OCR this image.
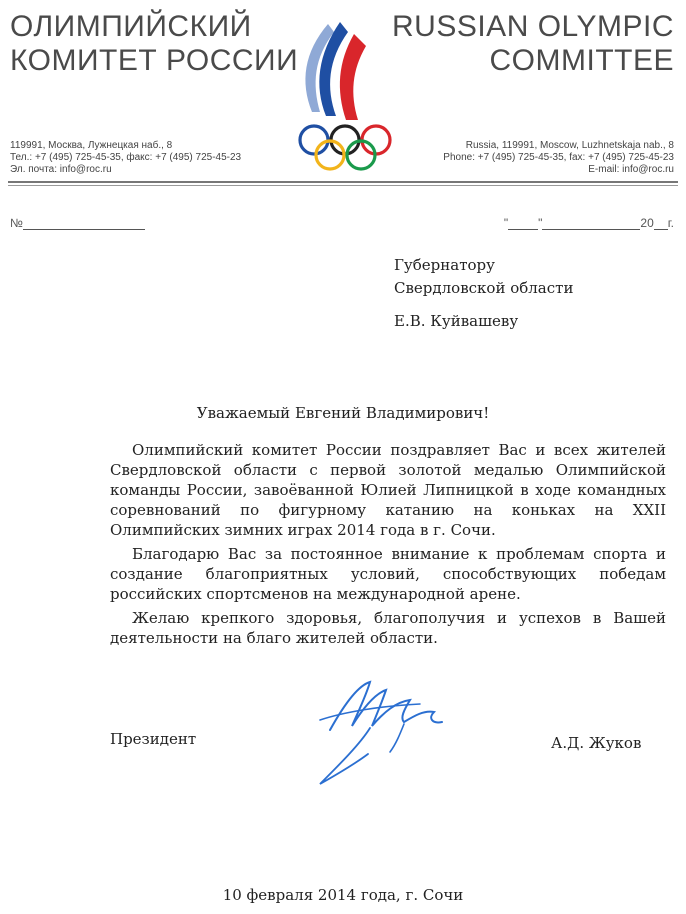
ОЛИМПИЙСКИЙ
КОМИТЕТ РОССИИ
RUSSIAN OLYMPIC
COMMITTEE
119991, Москва, Лужнецкая наб., 8
Тел.: +7 (495) 725-45-35, факс: +7 (495) 725-45-23
Эл. почта: info@roc.ru
Russia, 119991, Moscow, Luzhnetskaja nab., 8
Phone: +7 (495) 725-45-35, fax: +7 (495) 725-45-23
E-mail: info@roc.ru
№	"	"	20 г.
Губернатору
Свердловской области
Е.В. Куйвашеву
Уважаемый Евгений Владимирович!

Олимпийский комитет России поздравляет Вас и всех жителей Свердловской области с первой золотой медалью Олимпийской команды России, завоёванной Юлией Липницкой в ходе командных соревнований по фигурному катанию на коньках на XXII Олимпийских зимних играх 2014 года в г. Сочи.

Благодарю Вас за постоянное внимание к проблемам спорта и создание благоприятных условий, способствующих победам российских спортсменов на международной арене.

Желаю крепкого здоровья, благополучия и успехов в Вашей деятельности на благо жителей области.

Президент	А.Д. Жуков
10 февраля 2014 года, г. Сочи
